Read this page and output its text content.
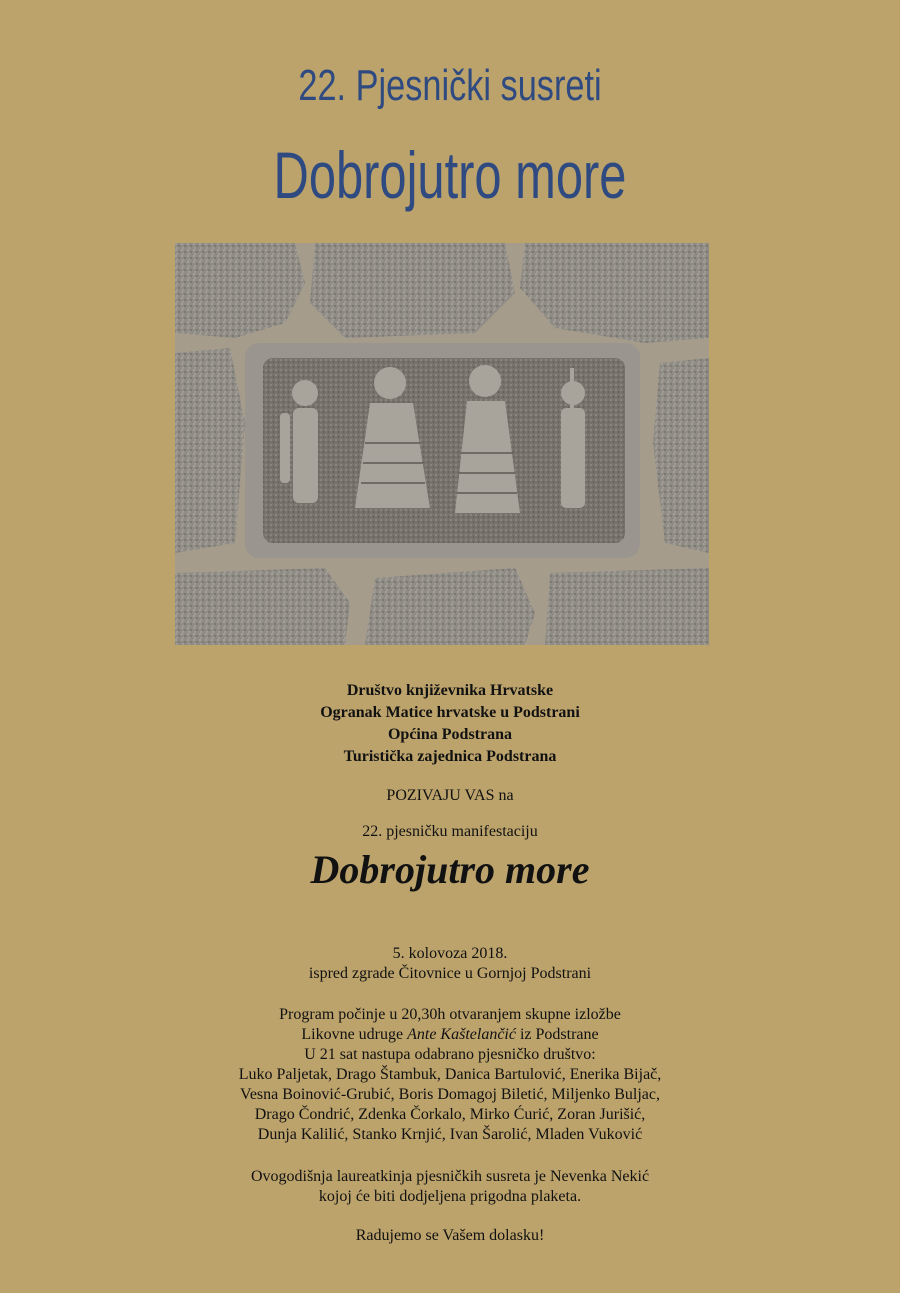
22. Pjesnički susreti
Dobrojutro more
Društvo književnika Hrvatske
Ogranak Matice hrvatske u Podstrani
Općina Podstrana
Turistička zajednica Podstrana
POZIVAJU VAS na
22. pjesničku manifestaciju
Dobrojutro more
5. kolovoza 2018.
ispred zgrade Čitovnice u Gornjoj Podstrani
Program počinje u 20,30h otvaranjem skupne izložbe
Likovne udruge Ante Kaštelančić iz Podstrane
U 21 sat nastupa odabrano pjesničko društvo:
Luko Paljetak, Drago Štambuk, Danica Bartulović, Enerika Bijač,
Vesna Boinović-Grubić, Boris Domagoj Biletić, Miljenko Buljac,
Drago Čondrić, Zdenka Čorkalo, Mirko Ćurić, Zoran Jurišić,
Dunja Kalilić, Stanko Krnjić, Ivan Šarolić, Mladen Vuković
Ovogodišnja laureatkinja pjesničkih susreta je Nevenka Nekić
kojoj će biti dodjeljena prigodna plaketa.
Radujemo se Vašem dolasku!
